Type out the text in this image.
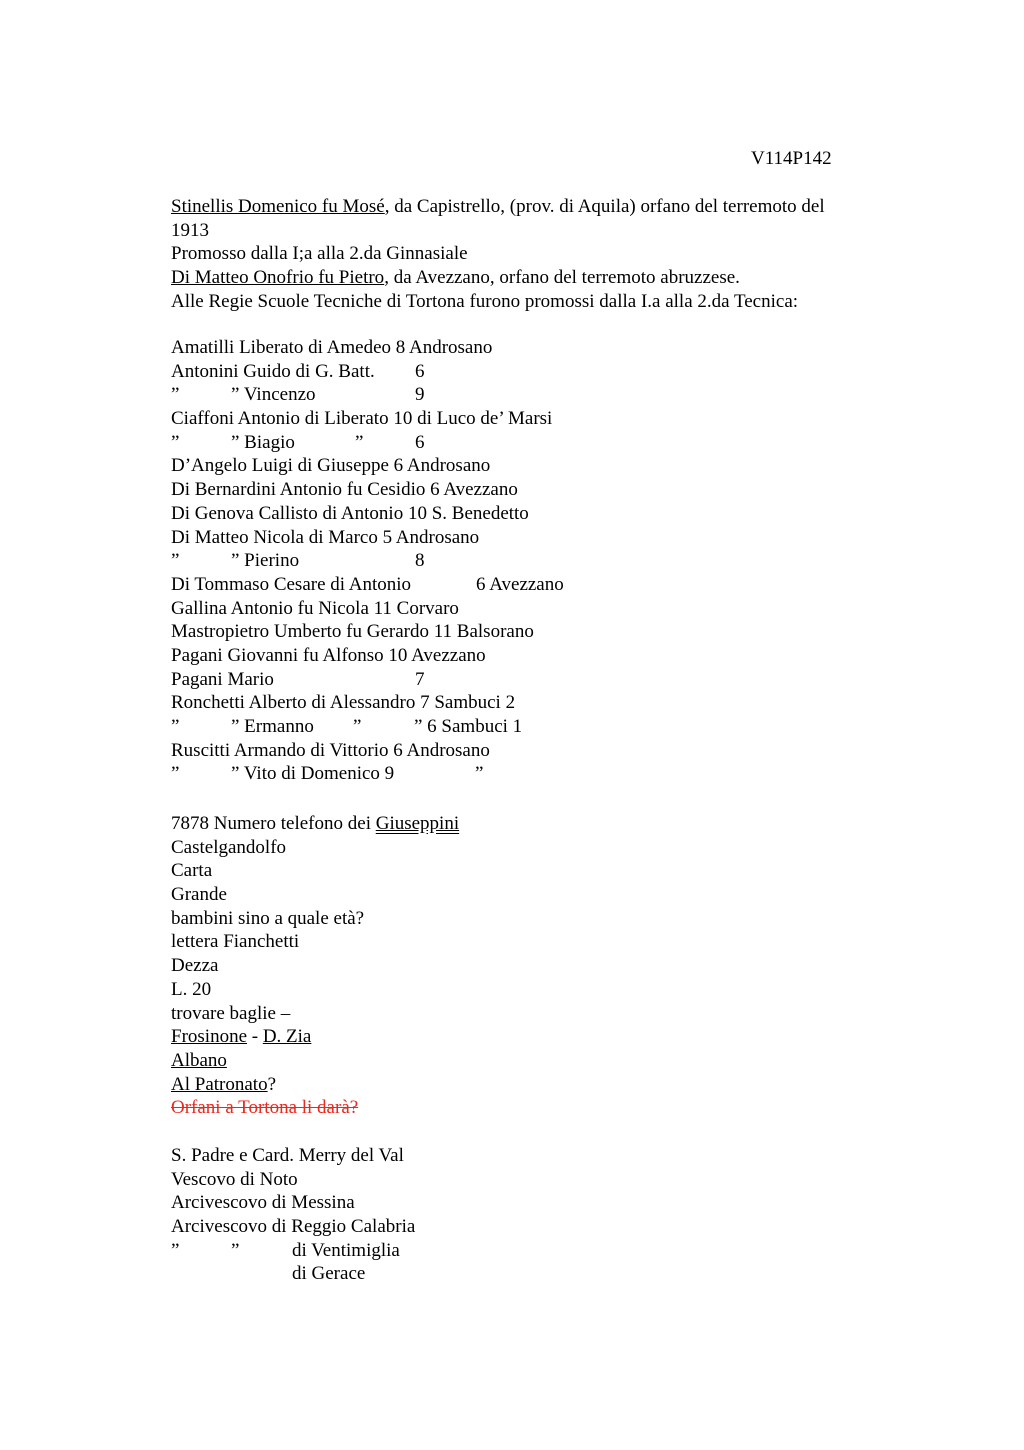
V114P142
Stinellis Domenico fu Mosé, da Capistrello, (prov. di Aquila) orfano del terremoto del
1913
Promosso dalla I;a alla 2.da Ginnasiale
Di Matteo Onofrio fu Pietro, da Avezzano, orfano del terremoto abruzzese.
Alle Regie Scuole Tecniche di Tortona furono promossi dalla I.a alla 2.da Tecnica:
Amatilli Liberato di Amedeo 8 Androsano
Antonini Guido di G. Batt. 6
”	” Vincenzo	9
Ciaffoni Antonio di Liberato 10 di Luco de’ Marsi
”	” Biagio	”	6
D’Angelo Luigi di Giuseppe 6 Androsano
Di Bernardini Antonio fu Cesidio 6 Avezzano
Di Genova Callisto di Antonio 10 S. Benedetto
Di Matteo Nicola di Marco 5 Androsano
”	” Pierino	8
Di Tommaso Cesare di Antonio	6 Avezzano
Gallina Antonio fu Nicola 11 Corvaro
Mastropietro Umberto fu Gerardo 11 Balsorano
Pagani Giovanni fu Alfonso 10 Avezzano
Pagani Mario	7
Ronchetti Alberto di Alessandro 7 Sambuci 2
”	” Ermanno ”	” 6 Sambuci 1
Ruscitti Armando di Vittorio 6 Androsano
”	” Vito di Domenico 9	”
7878 Numero telefono dei Giuseppini
Castelgandolfo
Carta
Grande
bambini sino a quale età?
lettera Fianchetti
Dezza
L. 20
trovare baglie –
Frosinone - D. Zia
Albano
Al Patronato?
Orfani a Tortona li darà?
S. Padre e Card. Merry del Val
Vescovo di Noto
Arcivescovo di Messina
Arcivescovo di Reggio Calabria
”	”	di Ventimiglia
di Gerace
